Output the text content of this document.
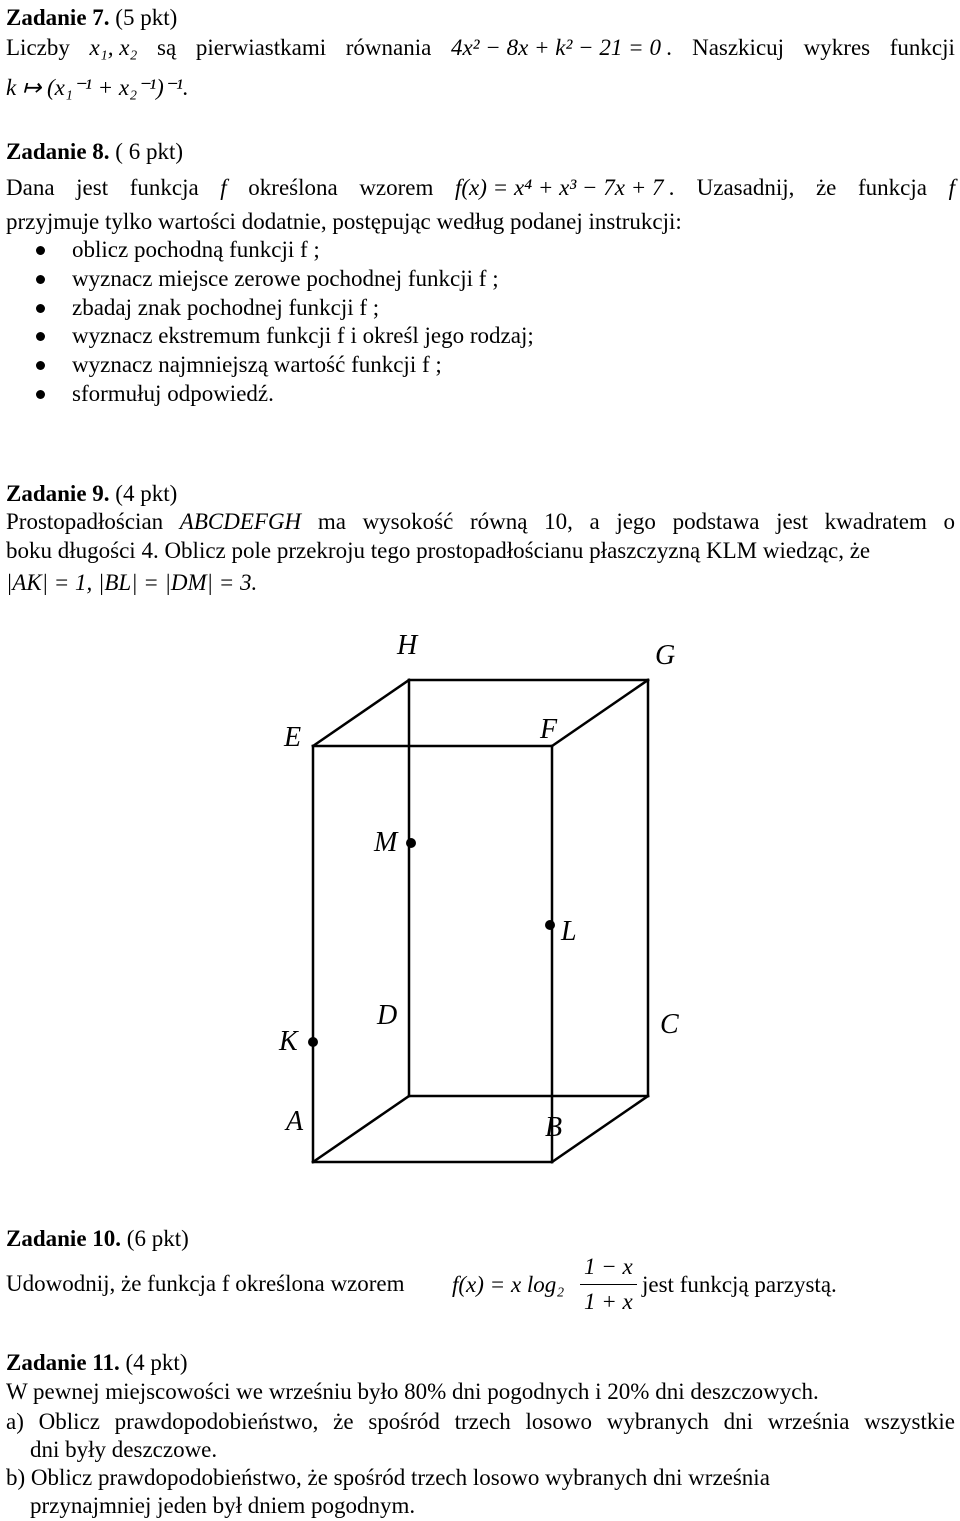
Zadanie 7. (5 pkt)
Liczby x₁, x₂ są pierwiastkami równania 4x² − 8x + k² − 21 = 0 . Naszkicuj wykres funkcji
k ↦ (x₁⁻¹ + x₂⁻¹)⁻¹.
Zadanie 8. ( 6 pkt)
Dana jest funkcja f określona wzorem f(x) = x⁴ + x³ − 7x + 7 . Uzasadnij, że funkcja f
przyjmuje tylko wartości dodatnie, postępując według podanej instrukcji:
oblicz pochodną funkcji f ;
wyznacz miejsce zerowe pochodnej funkcji f ;
zbadaj znak pochodnej funkcji f ;
wyznacz ekstremum funkcji f i określ jego rodzaj;
wyznacz najmniejszą wartość funkcji f ;
sformułuj odpowiedź.
Zadanie 9. (4 pkt)
Prostopadłościan ABCDEFGH ma wysokość równą 10, a jego podstawa jest kwadratem o
boku długości 4. Oblicz pole przekroju tego prostopadłościanu płaszczyzną KLM wiedząc, że
|AK| = 1, |BL| = |DM| = 3.
H	G
E	F
M
L
D	C
K
A	B
Zadanie 10. (6 pkt)
Udowodnij, że funkcja f określona wzorem f(x) = x $\log_2 \frac{1 - x}{1 + x}$ jest funkcją parzystą.
Zadanie 11. (4 pkt)
W pewnej miejscowości we wrześniu było 80% dni pogodnych i 20% dni deszczowych.
a) Oblicz prawdopodobieństwo, że spośród trzech losowo wybranych dni września wszystkie
dni były deszczowe.
b) Oblicz prawdopodobieństwo, że spośród trzech losowo wybranych dni września
przynajmniej jeden był dniem pogodnym.
